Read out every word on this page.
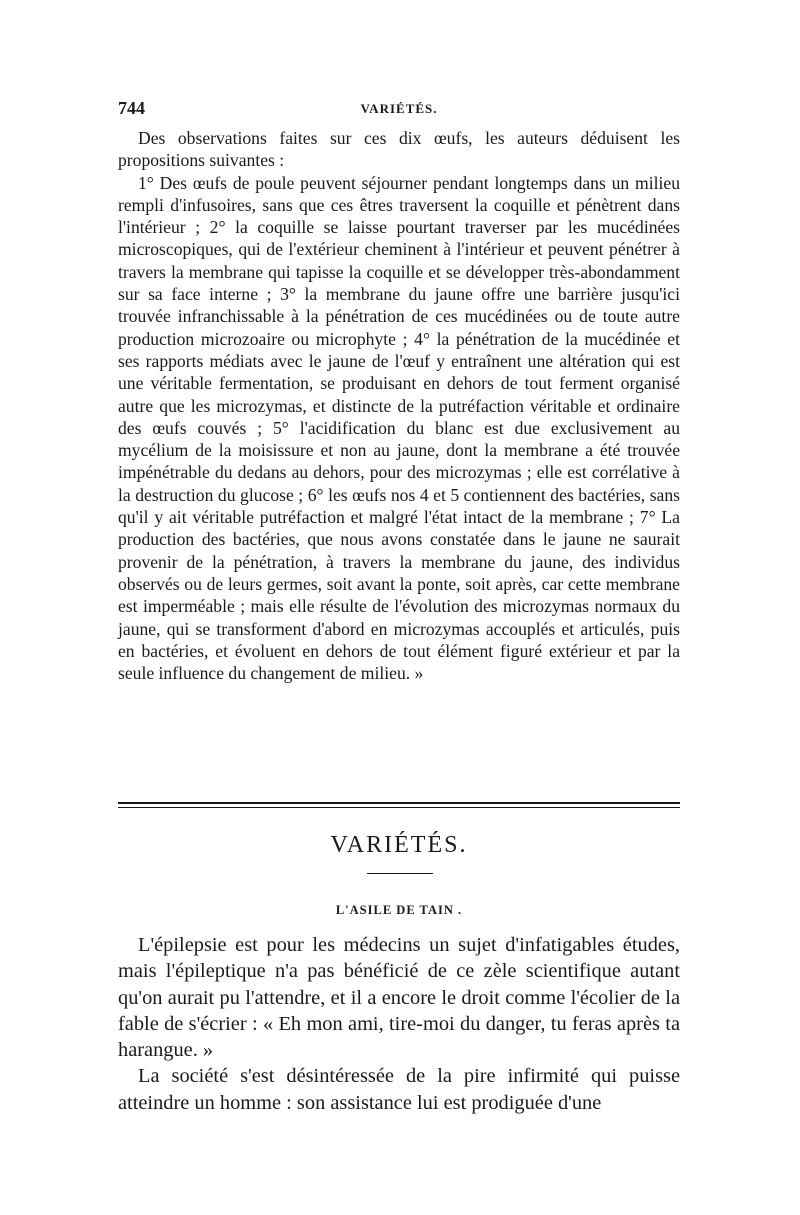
744	VARIÉTÉS.

Des observations faites sur ces dix œufs, les auteurs déduisent les propositions suivantes :

1° Des œufs de poule peuvent séjourner pendant longtemps dans un milieu rempli d'infusoires, sans que ces êtres traversent la coquille et pénètrent dans l'intérieur ; 2° la coquille se laisse pourtant traverser par les mucédinées microscopiques, qui de l'extérieur cheminent à l'intérieur et peuvent pénétrer à travers la membrane qui tapisse la coquille et se développer très-abondamment sur sa face interne ; 3° la membrane du jaune offre une barrière jusqu'ici trouvée infranchissable à la pénétration de ces mucédinées ou de toute autre production microzoaire ou microphyte ; 4° la pénétration de la mucédinée et ses rapports médiats avec le jaune de l'œuf y entraînent une altération qui est une véritable fermentation, se produisant en dehors de tout ferment organisé autre que les microzymas, et distincte de la putréfaction véritable et ordinaire des œufs couvés ; 5° l'acidification du blanc est due exclusivement au mycélium de la moisissure et non au jaune, dont la membrane a été trouvée impénétrable du dedans au dehors, pour des microzymas ; elle est corrélative à la destruction du glucose ; 6° les œufs nos 4 et 5 contiennent des bactéries, sans qu'il y ait véritable putréfaction et malgré l'état intact de la membrane ; 7° La production des bactéries, que nous avons constatée dans le jaune ne saurait provenir de la pénétration, à travers la membrane du jaune, des individus observés ou de leurs germes, soit avant la ponte, soit après, car cette membrane est imperméable ; mais elle résulte de l'évolution des microzymas normaux du jaune, qui se transforment d'abord en microzymas accouplés et articulés, puis en bactéries, et évoluent en dehors de tout élément figuré extérieur et par la seule influence du changement de milieu. »

VARIÉTÉS.
L'ASILE DE TAIN .

L'épilepsie est pour les médecins un sujet d'infatigables études, mais l'épileptique n'a pas bénéficié de ce zèle scientifique autant qu'on aurait pu l'attendre, et il a encore le droit comme l'écolier de la fable de s'écrier : « Eh mon ami, tire-moi du danger, tu feras après ta harangue. »

La société s'est désintéressée de la pire infirmité qui puisse atteindre un homme : son assistance lui est prodiguée d'une
